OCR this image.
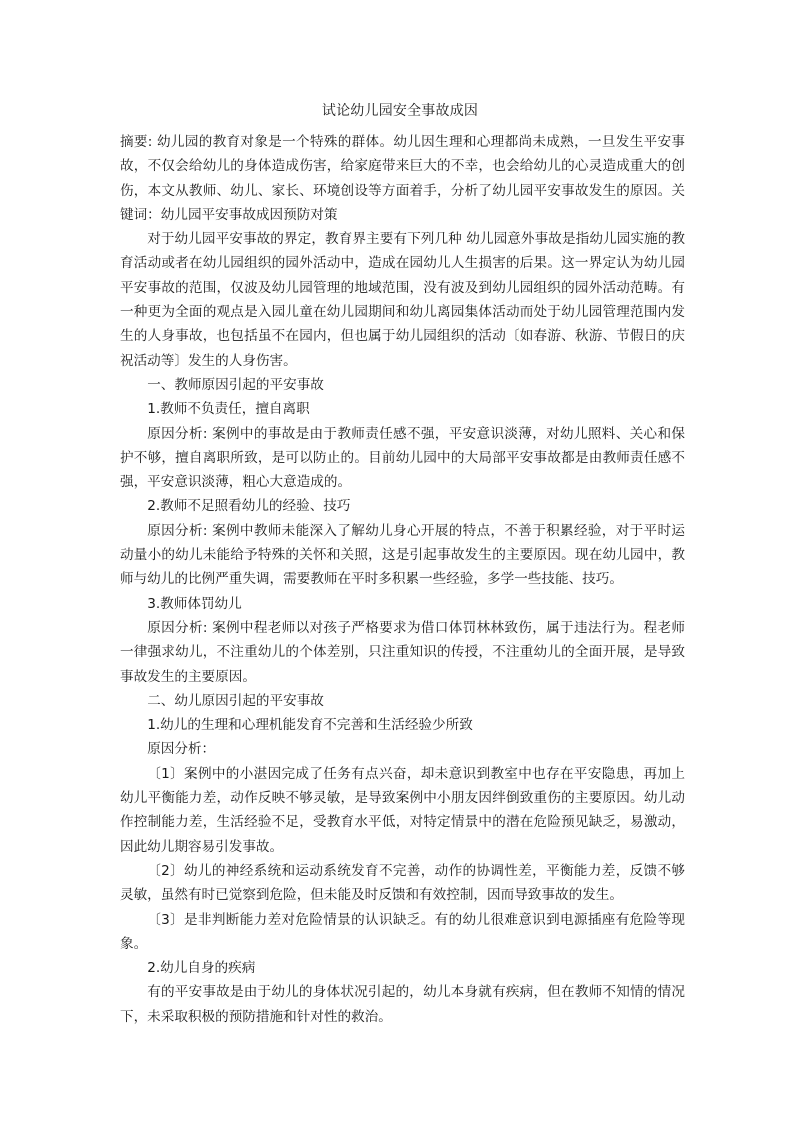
试论幼儿园安全事故成因

摘要: 幼儿园的教育对象是一个特殊的群体。幼儿因生理和心理都尚未成熟，一旦发生平安事故，不仅会给幼儿的身体造成伤害，给家庭带来巨大的不幸，也会给幼儿的心灵造成重大的创伤，本文从教师、幼儿、家长、环境创设等方面着手，分析了幼儿园平安事故发生的原因。关键词：幼儿园平安事故成因预防对策

对于幼儿园平安事故的界定，教育界主要有下列几种 幼儿园意外事故是指幼儿园实施的教育活动或者在幼儿园组织的园外活动中，造成在园幼儿人生损害的后果。这一界定认为幼儿园平安事故的范围，仅波及幼儿园管理的地域范围，没有波及到幼儿园组织的园外活动范畴。有一种更为全面的观点是入园儿童在幼儿园期间和幼儿离园集体活动而处于幼儿园管理范围内发生的人身事故，也包括虽不在园内，但也属于幼儿园组织的活动〔如春游、秋游、节假日的庆祝活动等〕发生的人身伤害。

一、教师原因引起的平安事故

1.教师不负责任，擅自离职

原因分析: 案例中的事故是由于教师责任感不强，平安意识淡薄，对幼儿照料、关心和保护不够，擅自离职所致，是可以防止的。目前幼儿园中的大局部平安事故都是由教师责任感不强，平安意识淡薄，粗心大意造成的。

2.教师不足照看幼儿的经验、技巧

原因分析: 案例中教师未能深入了解幼儿身心开展的特点，不善于积累经验，对于平时运动量小的幼儿未能给予特殊的关怀和关照，这是引起事故发生的主要原因。现在幼儿园中，教师与幼儿的比例严重失调，需要教师在平时多积累一些经验，多学一些技能、技巧。

3.教师体罚幼儿

原因分析: 案例中程老师以对孩子严格要求为借口体罚林林致伤，属于违法行为。程老师一律强求幼儿，不注重幼儿的个体差别，只注重知识的传授，不注重幼儿的全面开展，是导致事故发生的主要原因。

二、幼儿原因引起的平安事故

1.幼儿的生理和心理机能发育不完善和生活经验少所致

原因分析：

〔1〕案例中的小湛因完成了任务有点兴奋，却未意识到教室中也存在平安隐患，再加上幼儿平衡能力差，动作反映不够灵敏，是导致案例中小朋友因绊倒致重伤的主要原因。幼儿动作控制能力差，生活经验不足，受教育水平低，对特定情景中的潜在危险预见缺乏，易激动，因此幼儿期容易引发事故。

〔2〕幼儿的神经系统和运动系统发育不完善，动作的协调性差，平衡能力差，反馈不够灵敏，虽然有时已觉察到危险，但未能及时反馈和有效控制，因而导致事故的发生。

〔3〕是非判断能力差对危险情景的认识缺乏。有的幼儿很难意识到电源插座有危险等现象。

2.幼儿自身的疾病

有的平安事故是由于幼儿的身体状况引起的，幼儿本身就有疾病，但在教师不知情的情况下，未采取积极的预防措施和针对性的救治。
